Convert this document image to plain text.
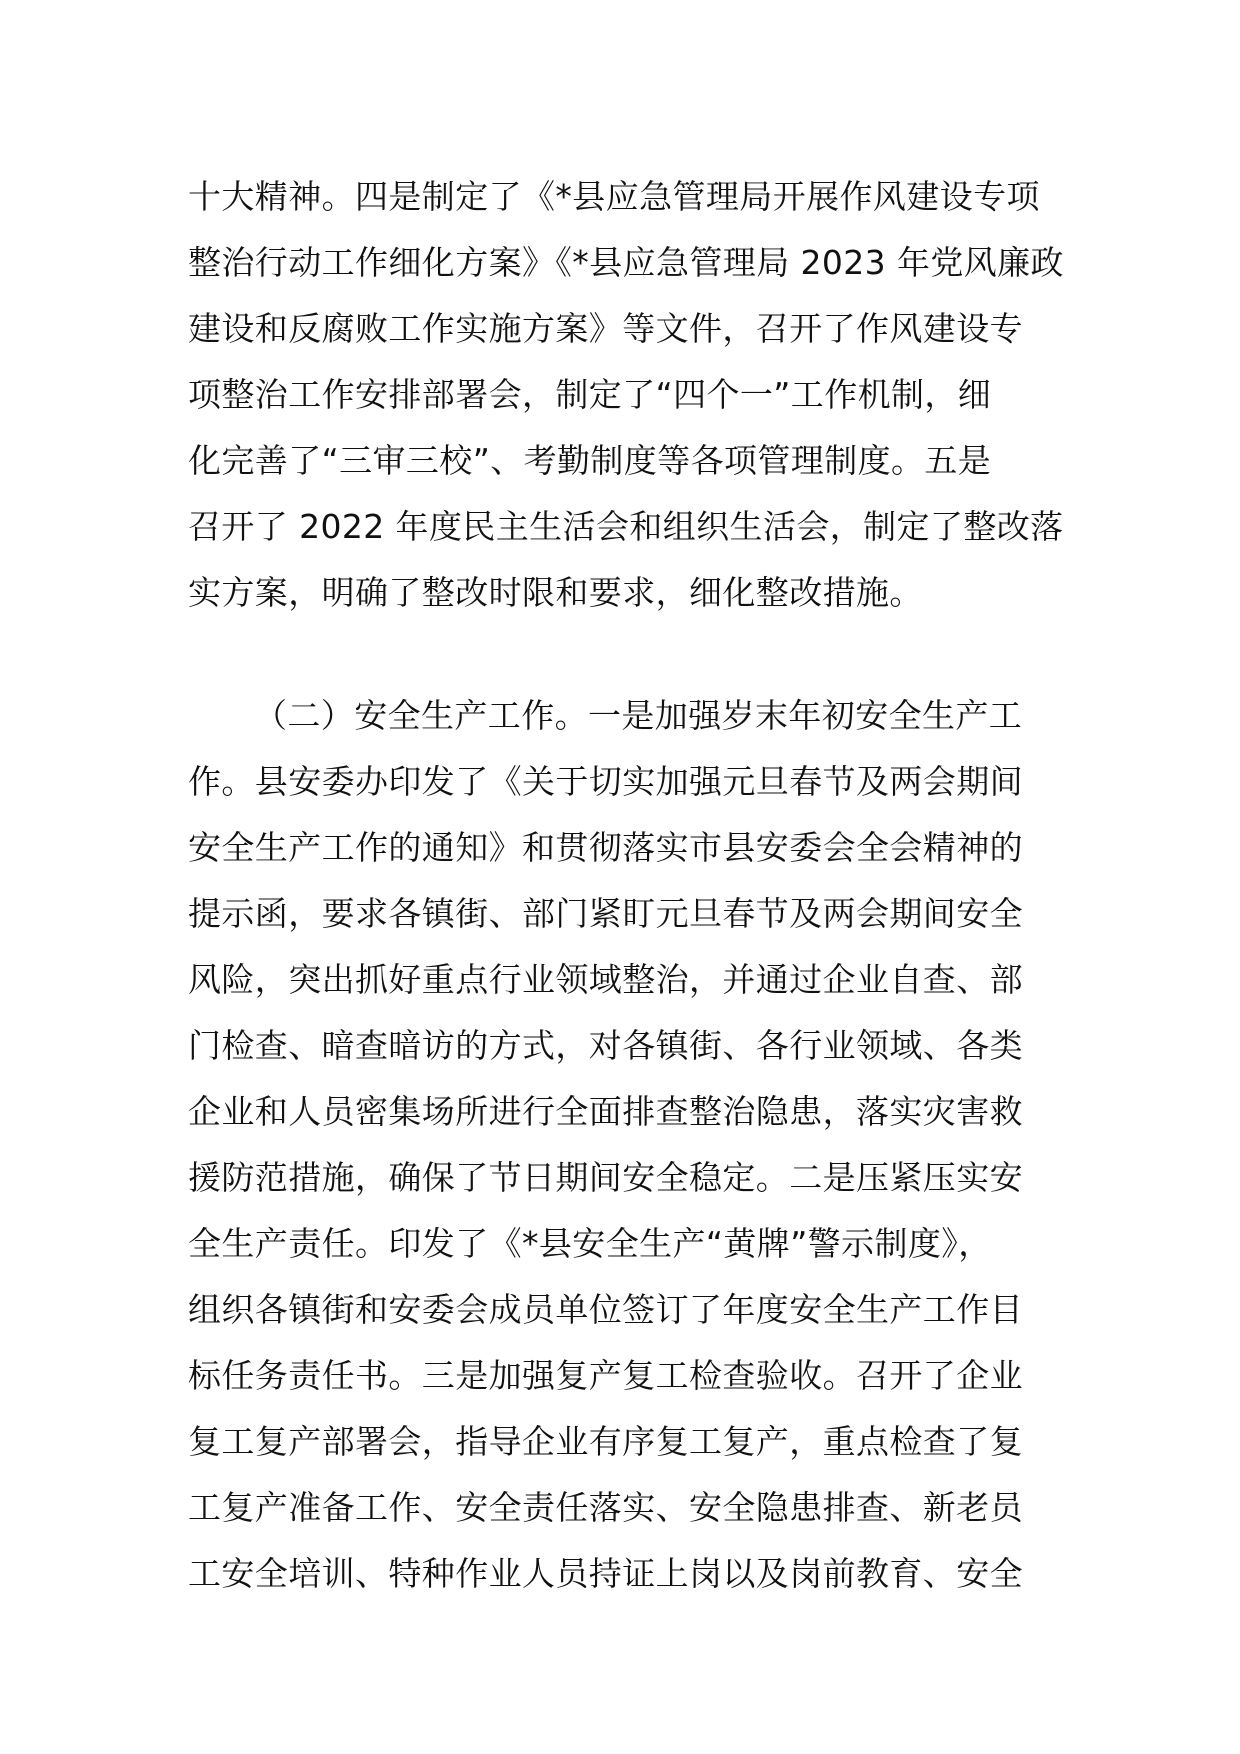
十大精神。四是制定了《*县应急管理局开展作风建设专项
整治行动工作细化方案》《*县应急管理局 2023 年党风廉政
建设和反腐败工作实施方案》等文件，召开了作风建设专
项整治工作安排部署会，制定了“四个一”工作机制，细
化完善了“三审三校”、考勤制度等各项管理制度。五是
召开了 2022 年度民主生活会和组织生活会，制定了整改落
实方案，明确了整改时限和要求，细化整改措施。
（二）安全生产工作。一是加强岁末年初安全生产工
作。县安委办印发了《关于切实加强元旦春节及两会期间
安全生产工作的通知》和贯彻落实市县安委会全会精神的
提示函，要求各镇街、部门紧盯元旦春节及两会期间安全
风险，突出抓好重点行业领域整治，并通过企业自查、部
门检查、暗查暗访的方式，对各镇街、各行业领域、各类
企业和人员密集场所进行全面排查整治隐患，落实灾害救
援防范措施，确保了节日期间安全稳定。二是压紧压实安
全生产责任。印发了《*县安全生产“黄牌”警示制度》，
组织各镇街和安委会成员单位签订了年度安全生产工作目
标任务责任书。三是加强复产复工检查验收。召开了企业
复工复产部署会，指导企业有序复工复产，重点检查了复
工复产准备工作、安全责任落实、安全隐患排查、新老员
工安全培训、特种作业人员持证上岗以及岗前教育、安全
